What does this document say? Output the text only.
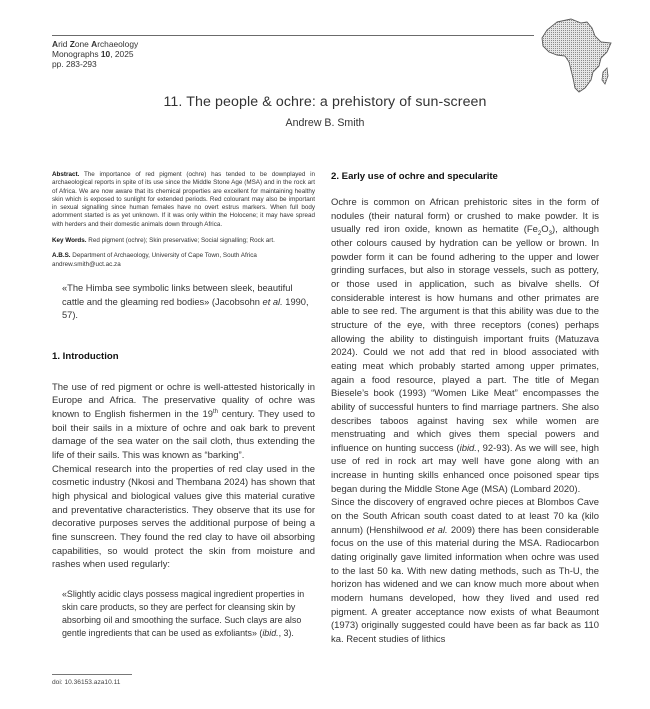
Arid Zone Archaeology
Monographs 10, 2025
pp. 283-293
11. The people & ochre: a prehistory of sun-screen
Andrew B. Smith

Abstract. The importance of red pigment (ochre) has tended to be downplayed in archaeological reports in spite of its use since the Middle Stone Age (MSA) and in the rock art of Africa. We are now aware that its chemical properties are excellent for maintaining healthy skin which is exposed to sunlight for extended periods. Red colourant may also be important in sexual signalling since human females have no overt estrus markers. When full body adornment started is as yet unknown. If it was only within the Holocene; it may have spread with herders and their domestic animals down through Africa.

Key Words. Red pigment (ochre); Skin preservative; Social signalling; Rock art.

A.B.S. Department of Archaeology, University of Cape Town, South Africa
andrew.smith@uct.ac.za

«The Himba see symbolic links between sleek, beautiful cattle and the gleaming red bodies» (Jacobsohn et al. 1990, 57).
1. Introduction

The use of red pigment or ochre is well-attested historically in Europe and Africa. The preservative quality of ochre was known to English fishermen in the 19th century. They used to boil their sails in a mixture of ochre and oak bark to prevent damage of the sea water on the sail cloth, thus extending the life of their sails. This was known as “barking”.

Chemical research into the properties of red clay used in the cosmetic industry (Nkosi and Thembana 2024) has shown that high physical and biological values give this material curative and preventative characteristics. They observe that its use for decorative purposes serves the additional purpose of being a fine sunscreen. They found the red clay to have oil absorbing capabilities, so would protect the skin from moisture and rashes when used regularly:

«Slightly acidic clays possess magical ingredient properties in skin care products, so they are perfect for cleansing skin by absorbing oil and smoothing the surface. Such clays are also gentle ingredients that can be used as exfoliants» (ibid., 3).
2. Early use of ochre and specularite

Ochre is common on African prehistoric sites in the form of nodules (their natural form) or crushed to make powder. It is usually red iron oxide, known as hematite $(Fe_2O_3)$, although other colours caused by hydration can be yellow or brown. In powder form it can be found adhering to the upper and lower grinding surfaces, but also in storage vessels, such as pottery, or those used in application, such as bivalve shells. Of considerable interest is how humans and other primates are able to see red. The argument is that this ability was due to the structure of the eye, with three receptors (cones) perhaps allowing the ability to distinguish important fruits (Matuzava 2024). Could we not add that red in blood associated with eating meat which probably started among upper primates, again a food resource, played a part. The title of Megan Biesele’s book (1993) “Women Like Meat” encompasses the ability of successful hunters to find marriage partners. She also describes taboos against having sex while women are menstruating and which gives them special powers and influence on hunting success (ibid., 92-93). As we will see, high use of red in rock art may well have gone along with an increase in hunting skills enhanced once poisoned spear tips began during the Middle Stone Age (MSA) (Lombard 2020).

Since the discovery of engraved ochre pieces at Blombos Cave on the South African south coast dated to at least 70 ka (kilo annum) (Henshilwood et al. 2009) there has been considerable focus on the use of this material during the MSA. Radiocarbon dating originally gave limited information when ochre was used to the last 50 ka. With new dating methods, such as Th-U, the horizon has widened and we can know much more about when modern humans developed, how they lived and used red pigment. A greater acceptance now exists of what Beaumont (1973) originally suggested could have been as far back as 110 ka. Recent studies of lithics

doi: 10.36153.aza10.11
